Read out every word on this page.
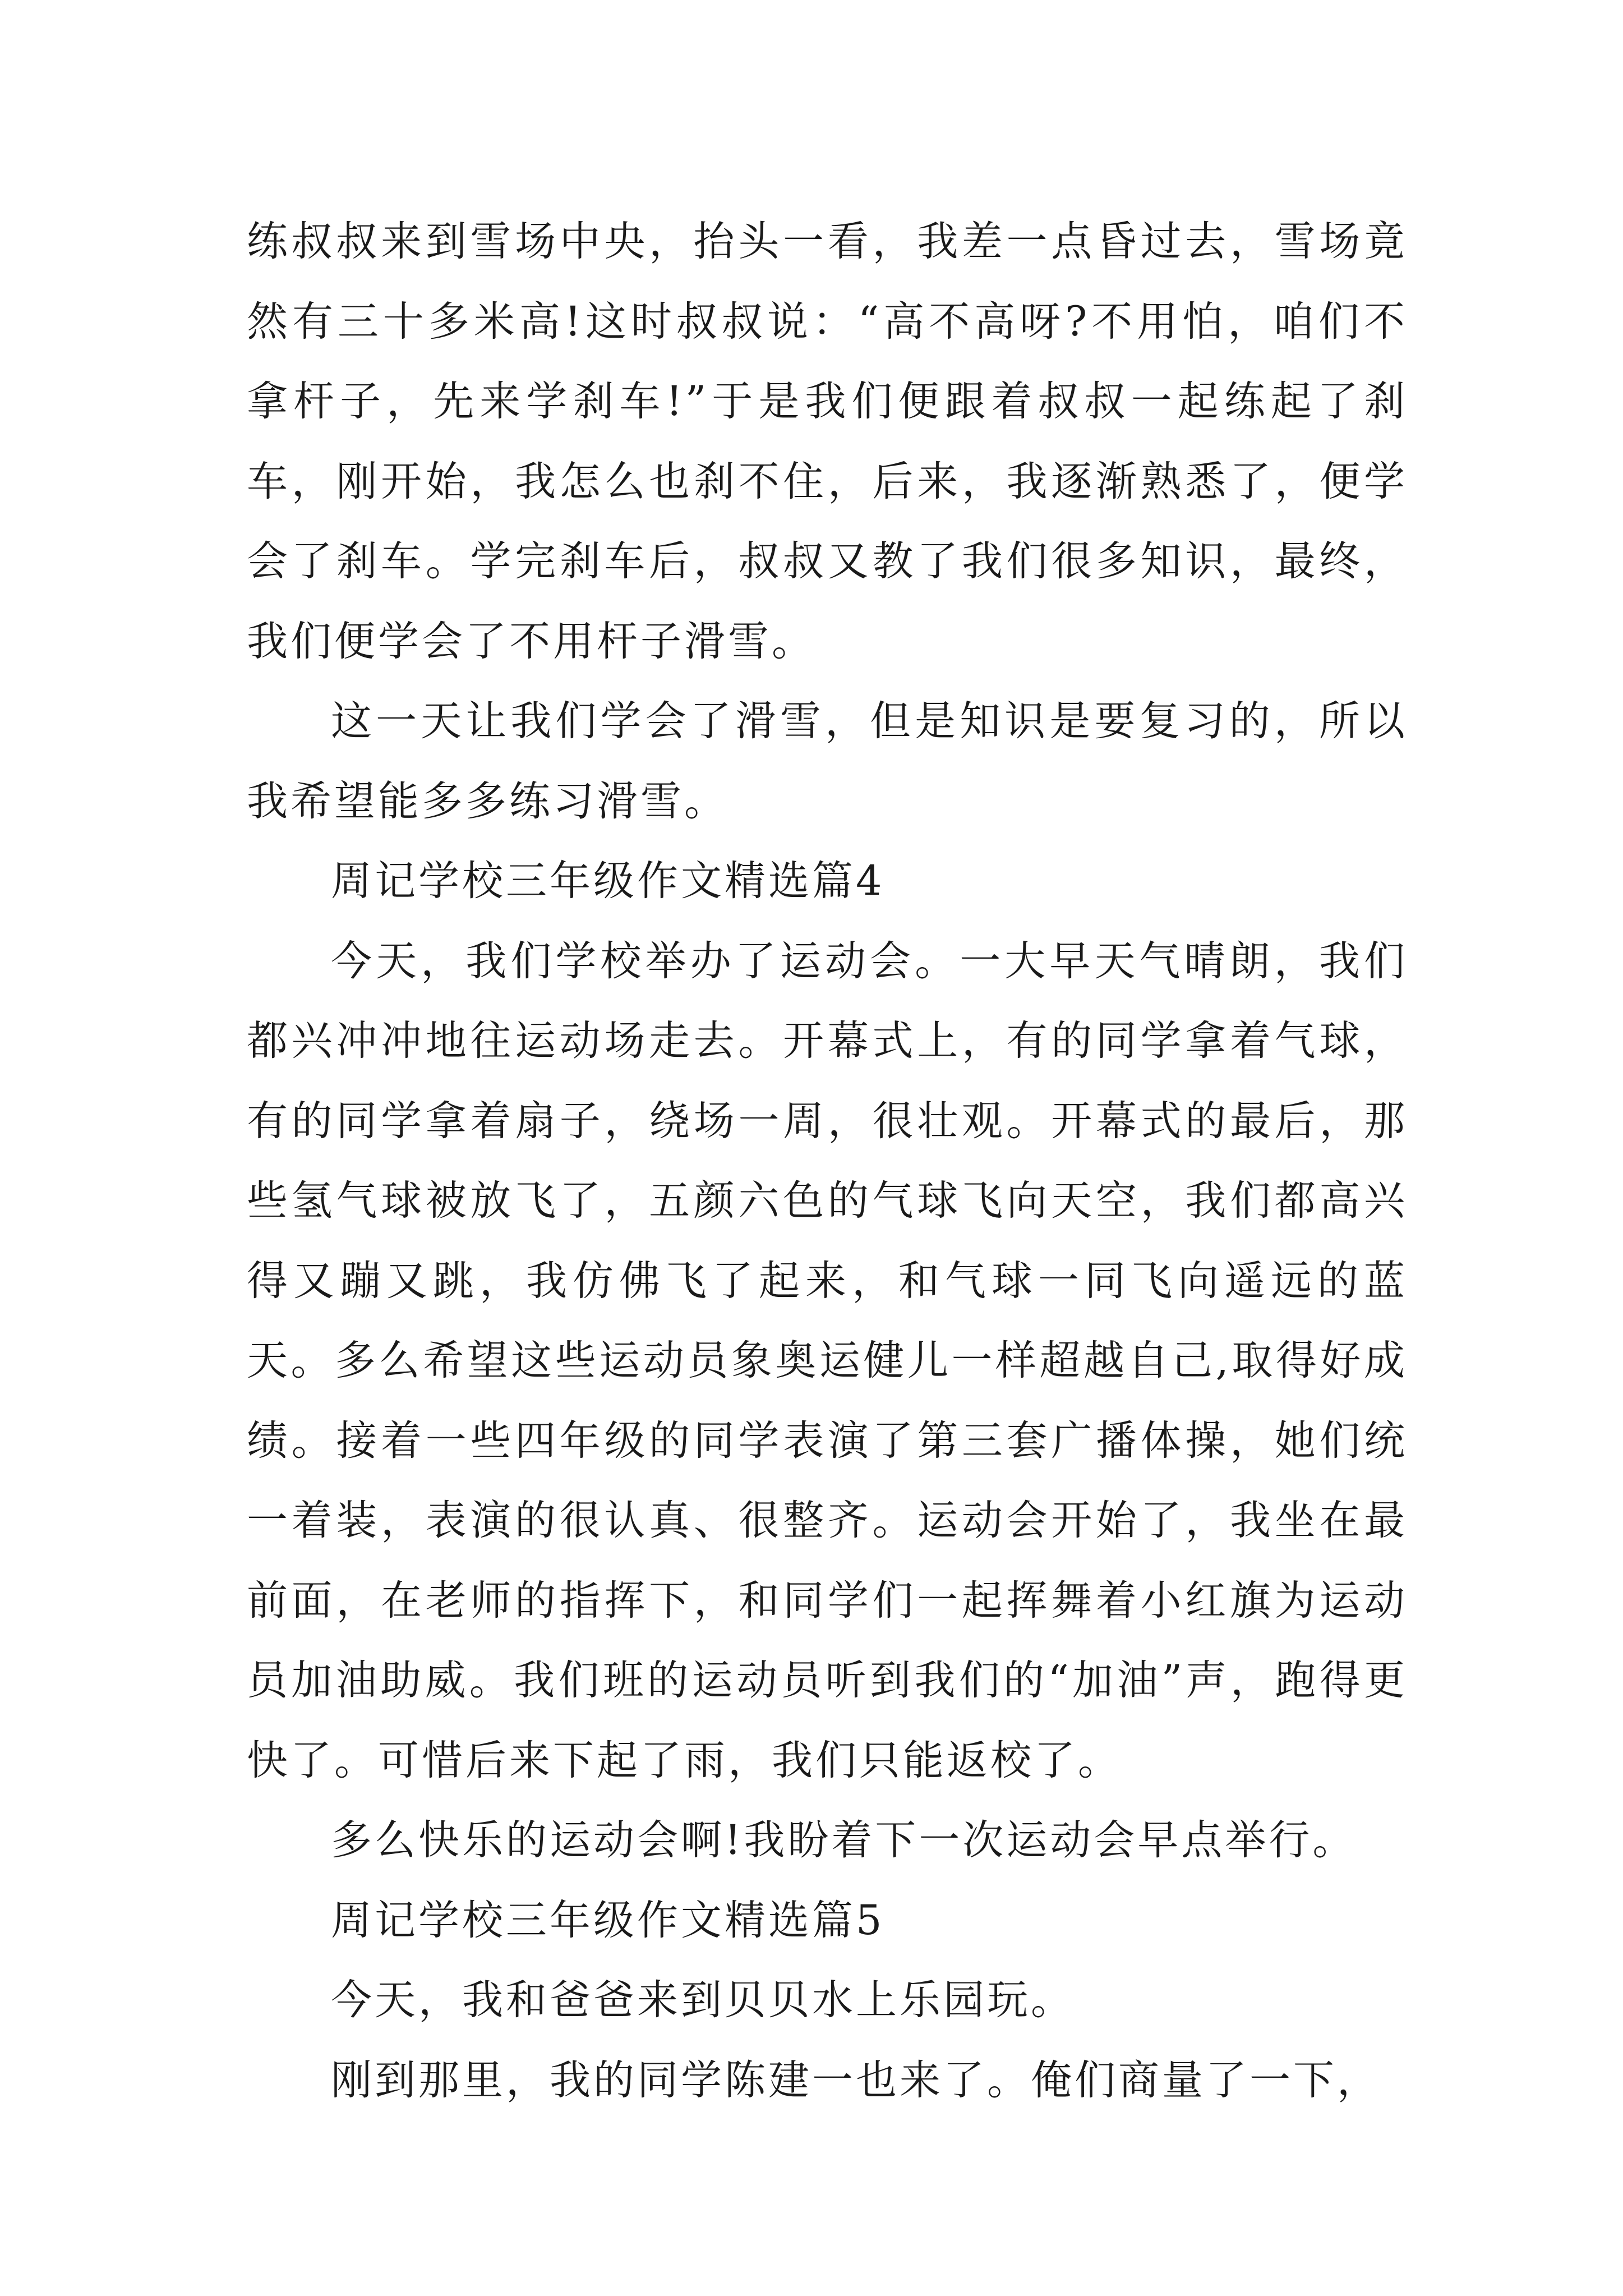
练叔叔来到雪场中央，抬头一看，我差一点昏过去，雪场竟然有三十多米高!这时叔叔说：“高不高呀?不用怕，咱们不拿杆子，先来学刹车!”于是我们便跟着叔叔一起练起了刹车，刚开始，我怎么也刹不住，后来，我逐渐熟悉了，便学会了刹车。学完刹车后，叔叔又教了我们很多知识，最终，我们便学会了不用杆子滑雪。

这一天让我们学会了滑雪，但是知识是要复习的，所以我希望能多多练习滑雪。

周记学校三年级作文精选篇4

今天，我们学校举办了运动会。一大早天气晴朗，我们都兴冲冲地往运动场走去。开幕式上，有的同学拿着气球，有的同学拿着扇子，绕场一周，很壮观。开幕式的最后，那些氢气球被放飞了，五颜六色的气球飞向天空，我们都高兴得又蹦又跳，我仿佛飞了起来，和气球一同飞向遥远的蓝天。多么希望这些运动员象奥运健儿一样超越自己,取得好成绩。接着一些四年级的同学表演了第三套广播体操，她们统一着装，表演的很认真、很整齐。运动会开始了，我坐在最前面，在老师的指挥下，和同学们一起挥舞着小红旗为运动员加油助威。我们班的运动员听到我们的“加油”声，跑得更快了。可惜后来下起了雨，我们只能返校了。

多么快乐的运动会啊!我盼着下一次运动会早点举行。

周记学校三年级作文精选篇5

今天，我和爸爸来到贝贝水上乐园玩。

刚到那里，我的同学陈建一也来了。俺们商量了一下，
